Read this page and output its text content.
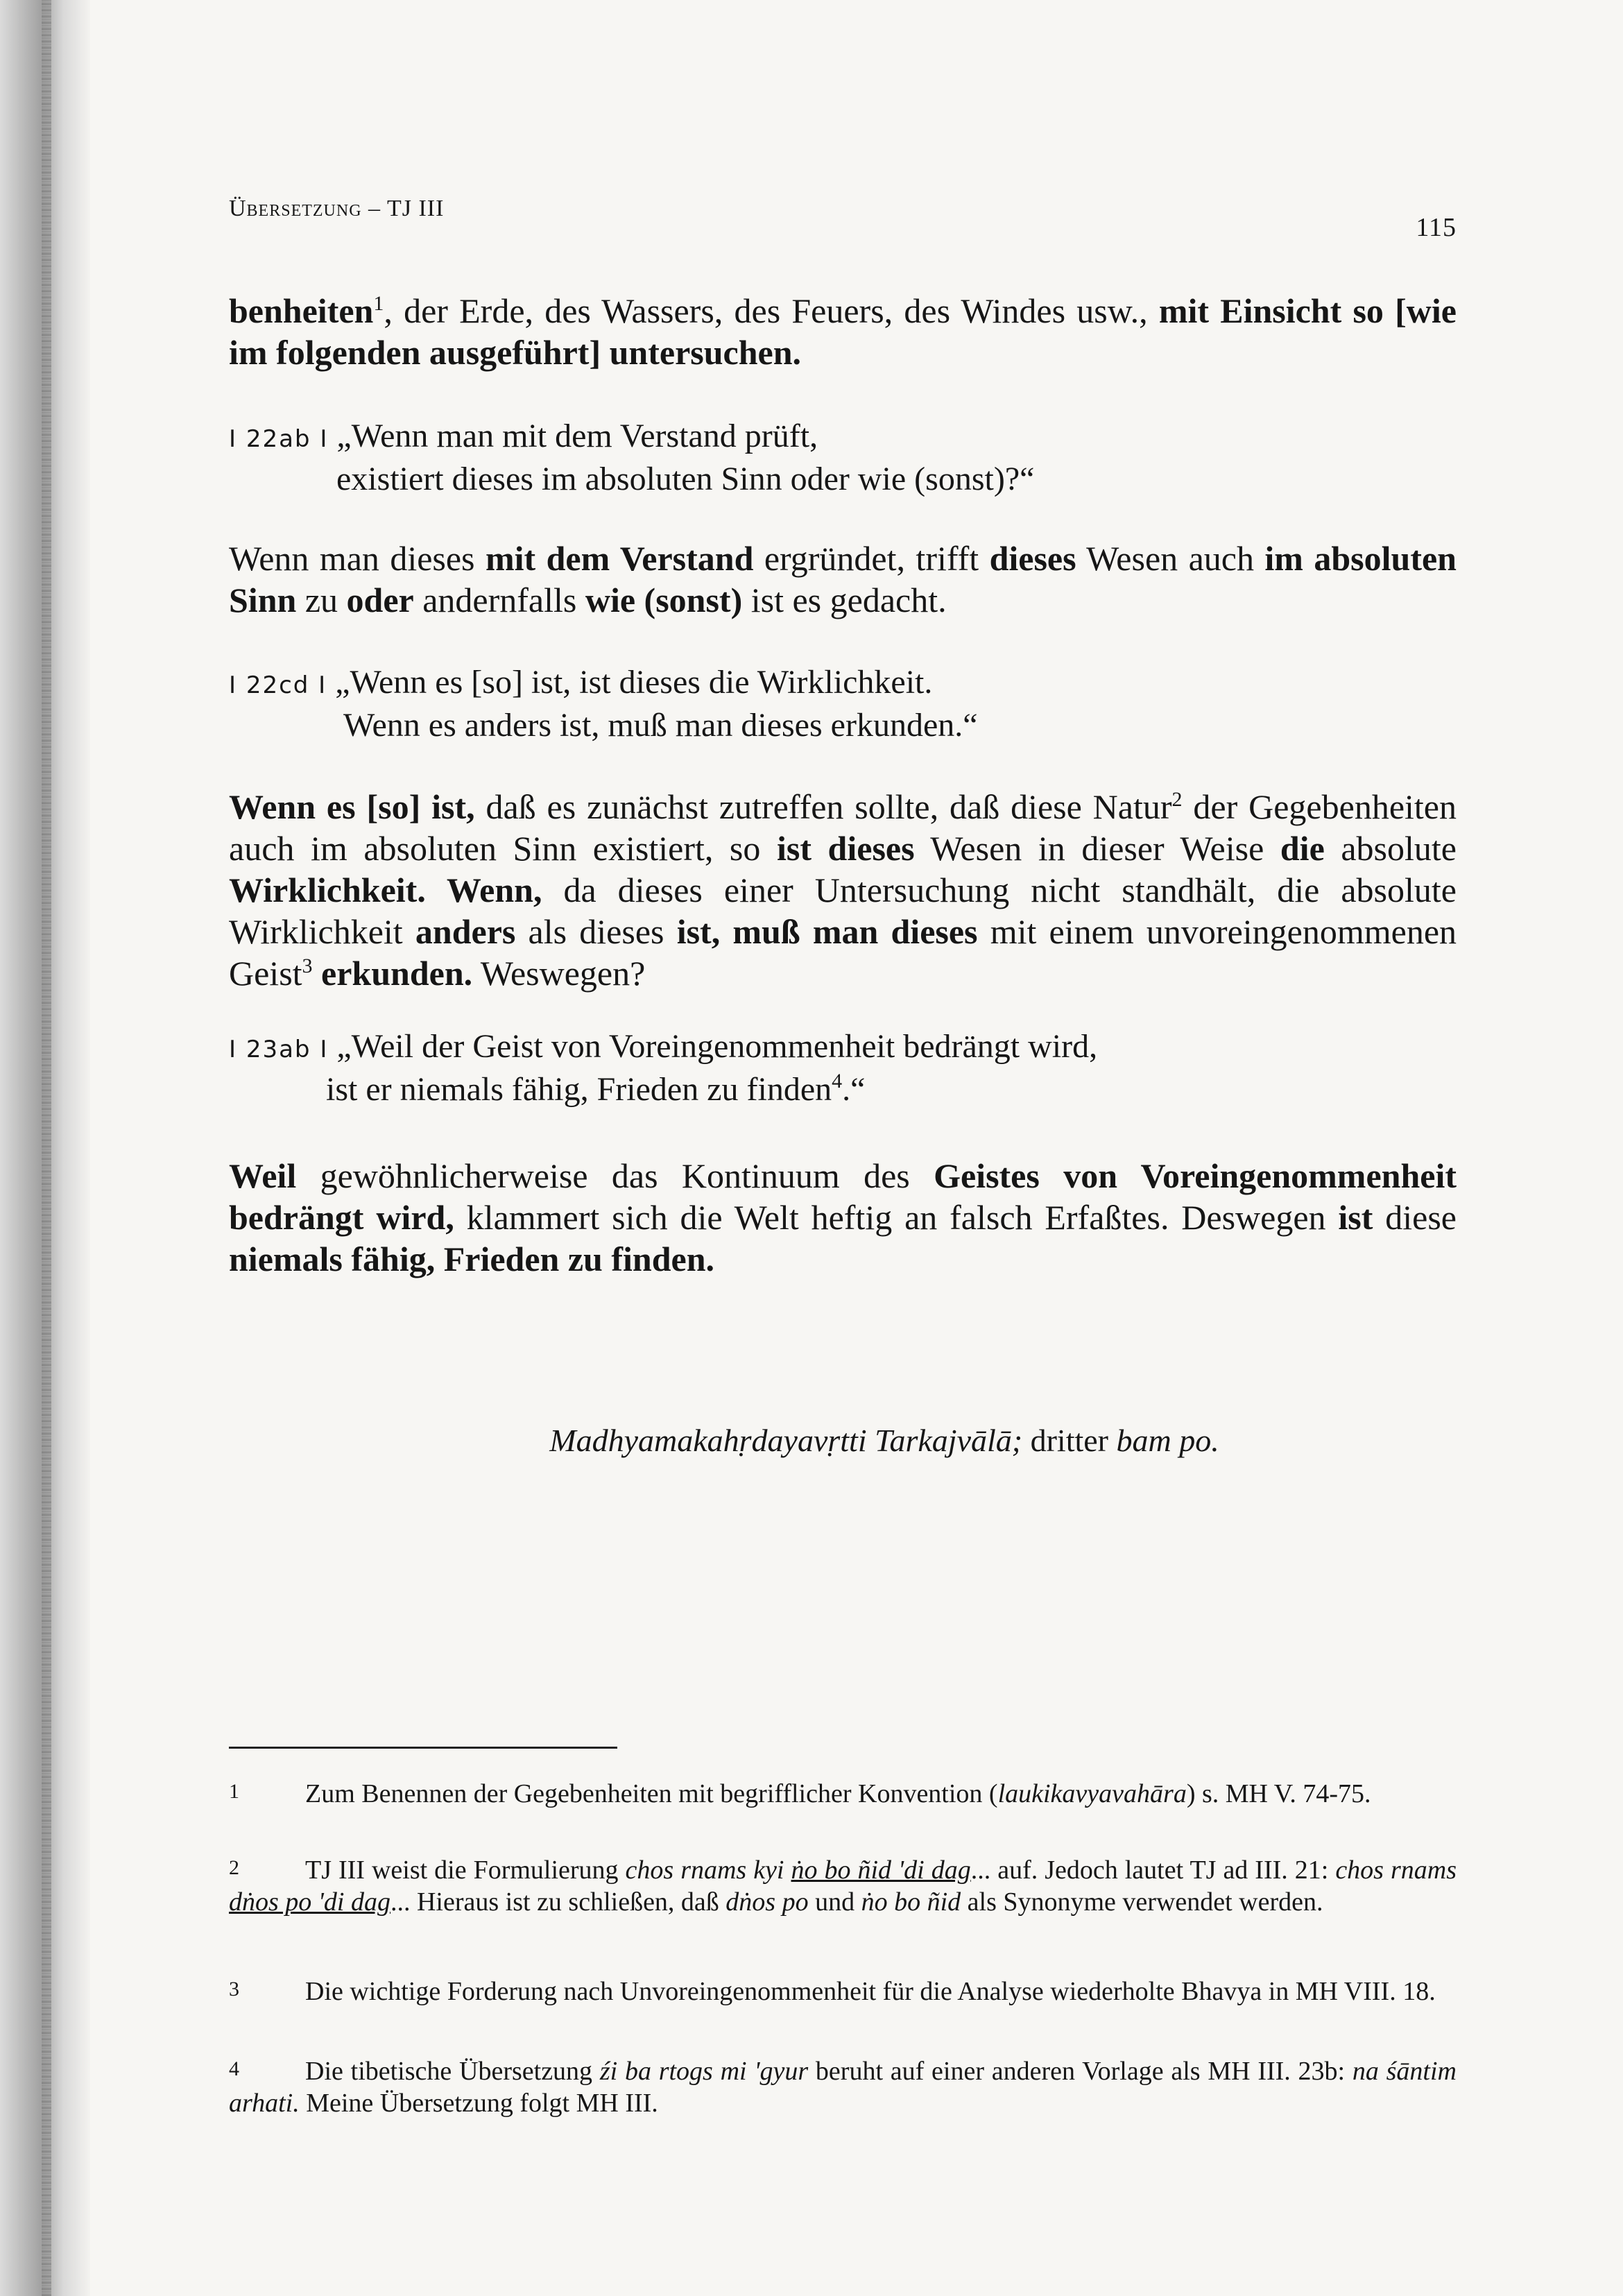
Übersetzung – TJ III
115

benheiten$^1$, der Erde, des Wassers, des Feuers, des Windes usw., mit Einsicht so [wie im folgenden ausgeführt] untersuchen.

I 22ab I „Wenn man mit dem Verstand prüft,
existiert dieses im absoluten Sinn oder wie (sonst)?“

Wenn man dieses mit dem Verstand ergründet, trifft dieses Wesen auch im absoluten Sinn zu oder andernfalls wie (sonst) ist es gedacht.

I 22cd I „Wenn es [so] ist, ist dieses die Wirklichkeit.
Wenn es anders ist, muß man dieses erkunden.“

Wenn es [so] ist, daß es zunächst zutreffen sollte, daß diese Natur$^2$ der Gegebenheiten auch im absoluten Sinn existiert, so ist dieses Wesen in dieser Weise die absolute Wirklichkeit. Wenn, da dieses einer Untersuchung nicht standhält, die absolute Wirklichkeit anders als dieses ist, muß man dieses mit einem unvoreingenommenen Geist$^3$ erkunden. Weswegen?

I 23ab I „Weil der Geist von Voreingenommenheit bedrängt wird,
ist er niemals fähig, Frieden zu finden$^4$.“

Weil gewöhnlicherweise das Kontinuum des Geistes von Voreingenommenheit bedrängt wird, klammert sich die Welt heftig an falsch Erfaßtes. Deswegen ist diese niemals fähig, Frieden zu finden.

Madhyamakahṛdayavṛtti Tarkajvālā; dritter bam po.

1	Zum Benennen der Gegebenheiten mit begrifflicher Konvention (laukikavyavahāra) s. MH V. 74-75.

2	TJ III weist die Formulierung chos rnams kyi ṅo bo ñid 'di dag... auf. Jedoch lautet TJ ad III. 21: chos rnams dṅos po 'di dag... Hieraus ist zu schließen, daß dṅos po und ṅo bo ñid als Synonyme verwendet werden.

3	Die wichtige Forderung nach Unvoreingenommenheit für die Analyse wiederholte Bhavya in MH VIII. 18.

4	Die tibetische Übersetzung źi ba rtogs mi 'gyur beruht auf einer anderen Vorlage als MH III. 23b: na śāntim arhati. Meine Übersetzung folgt MH III.
